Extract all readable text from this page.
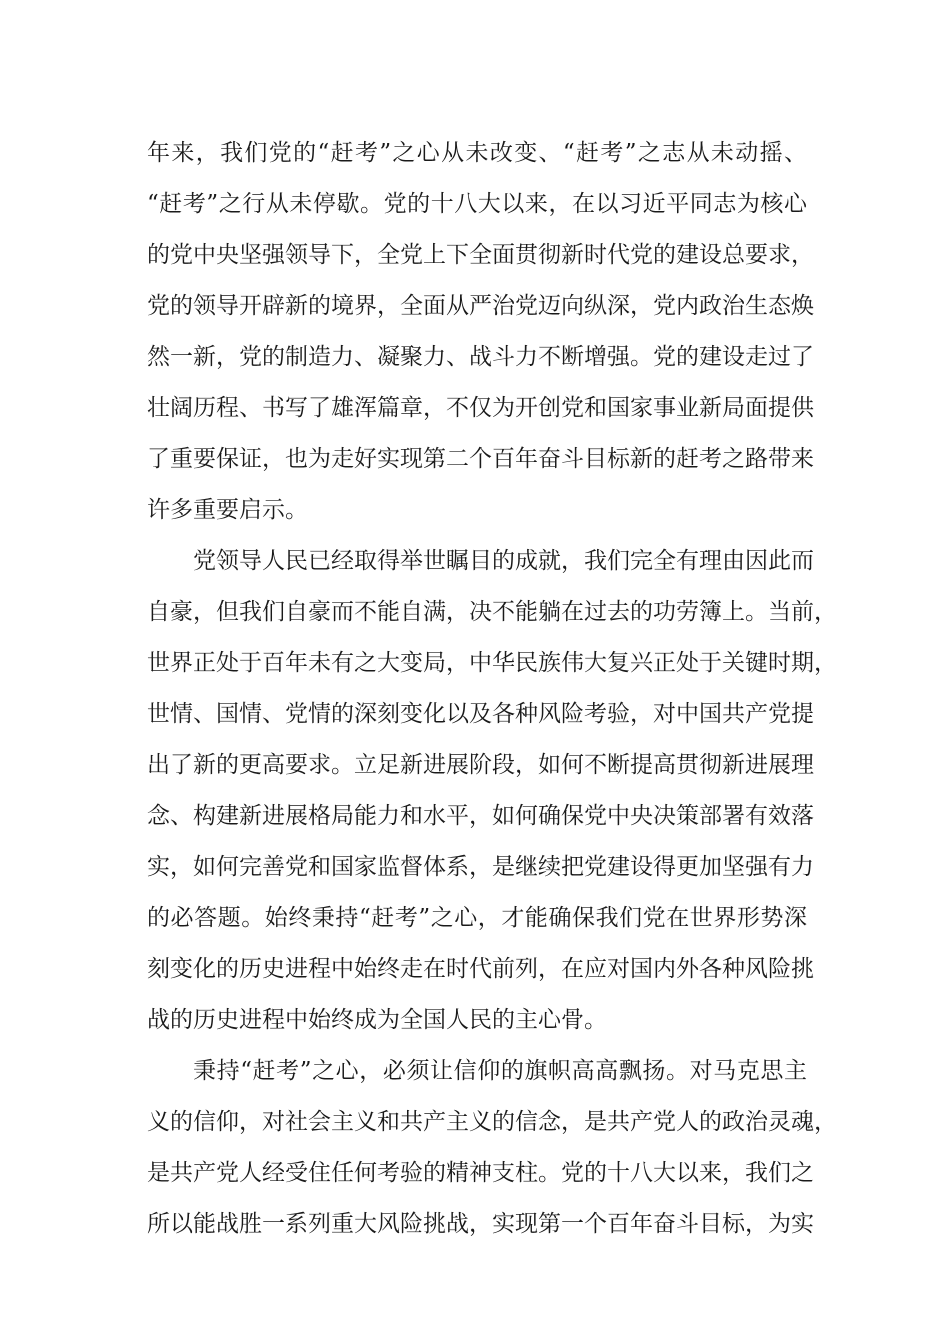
年来，我们党的“赶考”之心从未改变、“赶考”之志从未动摇、
“赶考”之行从未停歇。党的十八大以来，在以习近平同志为核心
的党中央坚强领导下，全党上下全面贯彻新时代党的建设总要求，
党的领导开辟新的境界，全面从严治党迈向纵深，党内政治生态焕
然一新，党的制造力、凝聚力、战斗力不断增强。党的建设走过了
壮阔历程、书写了雄浑篇章，不仅为开创党和国家事业新局面提供
了重要保证，也为走好实现第二个百年奋斗目标新的赶考之路带来
许多重要启示。
党领导人民已经取得举世瞩目的成就，我们完全有理由因此而
自豪，但我们自豪而不能自满，决不能躺在过去的功劳簿上。当前，
世界正处于百年未有之大变局，中华民族伟大复兴正处于关键时期，
世情、国情、党情的深刻变化以及各种风险考验，对中国共产党提
出了新的更高要求。立足新进展阶段，如何不断提高贯彻新进展理
念、构建新进展格局能力和水平，如何确保党中央决策部署有效落
实，如何完善党和国家监督体系，是继续把党建设得更加坚强有力
的必答题。始终秉持“赶考”之心，才能确保我们党在世界形势深
刻变化的历史进程中始终走在时代前列，在应对国内外各种风险挑
战的历史进程中始终成为全国人民的主心骨。
秉持“赶考”之心，必须让信仰的旗帜高高飘扬。对马克思主
义的信仰，对社会主义和共产主义的信念，是共产党人的政治灵魂，
是共产党人经受住任何考验的精神支柱。党的十八大以来，我们之
所以能战胜一系列重大风险挑战，实现第一个百年奋斗目标，为实
